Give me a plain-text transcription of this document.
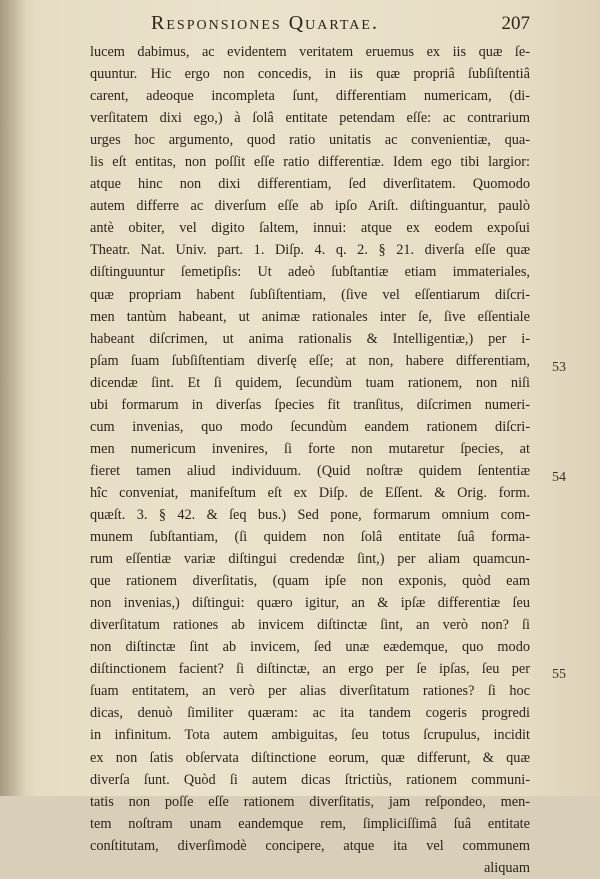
Responsiones Quartae.	207
lucem dabimus, ac evidentem veritatem eruemus ex iis quæ ſe-
quuntur. Hic ergo non concedis, in iis quæ propriâ ſubſiſtentiâ
carent, adeoque incompleta ſunt, differentiam numericam, (di-
verſitatem dixi ego,) à ſolâ entitate petendam eſſe: ac contrarium
urges hoc argumento, quod ratio unitatis ac convenientiæ, qua-
lis eſt entitas, non poſſit eſſe ratio differentiæ. Idem ego tibi largior:
atque hinc non dixi differentiam, ſed diverſitatem. Quomodo
autem differre ac diverſum eſſe ab ipſo Ariſt. diſtinguantur, paulò
antè obiter, vel digito ſaltem, innui: atque ex eodem expoſui
Theatr. Nat. Univ. part. 1. Diſp. 4. q. 2. § 21. diverſa eſſe quæ
diſtinguuntur ſemetipſis: Ut adeò ſubſtantiæ etiam immateriales,
quæ propriam habent ſubſiſtentiam, (ſive vel eſſentiarum diſcri-
men tantùm habeant, ut animæ rationales inter ſe, ſive eſſentiale
habeant diſcrimen, ut anima rationalis & Intelligentiæ,) per i-
pſam ſuam ſubſiſtentiam diverſę eſſe; at non, habere differentiam,
dicendæ ſint. Et ſi quidem, ſecundùm tuam rationem, non niſi
ubi formarum in diverſas ſpecies fit tranſitus, diſcrimen numeri-
cum invenias, quo modo ſecundùm eandem rationem diſcri-
men numericum invenires, ſi forte non mutaretur ſpecies, at
fieret tamen aliud individuum. (Quid noſtræ quidem ſententiæ
hîc conveniat, manifeſtum eſt ex Diſp. de Eſſent. & Orig. form.
quæſt. 3. § 42. & ſeq bus.) Sed pone, formarum omnium com-
munem ſubſtantiam, (ſi quidem non ſolâ entitate ſuâ forma-
rum eſſentiæ variæ diſtingui credendæ ſint,) per aliam quamcun-
que rationem diverſitatis, (quam ipſe non exponis, quòd eam
non invenias,) diſtingui: quæro igitur, an & ipſæ differentiæ ſeu
diverſitatum rationes ab invicem diſtinctæ ſint, an verò non? ſi
non diſtinctæ ſint ab invicem, ſed unæ eædemque, quo modo
diſtinctionem facient? ſi diſtinctæ, an ergo per ſe ipſas, ſeu per
ſuam entitatem, an verò per alias diverſitatum rationes? ſi hoc
dicas, denuò ſimiliter quæram: ac ita tandem cogeris progredi
in infinitum. Tota autem ambiguitas, ſeu totus ſcrupulus, incidit
ex non ſatis obſervata diſtinctione eorum, quæ differunt, & quæ
diverſa ſunt. Quòd ſi autem dicas ſtrictiùs, rationem communi-
tatis non poſſe eſſe rationem diverſitatis, jam reſpondeo, men-
tem noſtram unam eandemque rem, ſimpliciſſimâ ſuâ entitate
conſtitutam, diverſimodè concipere, atque ita vel communem
aliquam
53
54
55
